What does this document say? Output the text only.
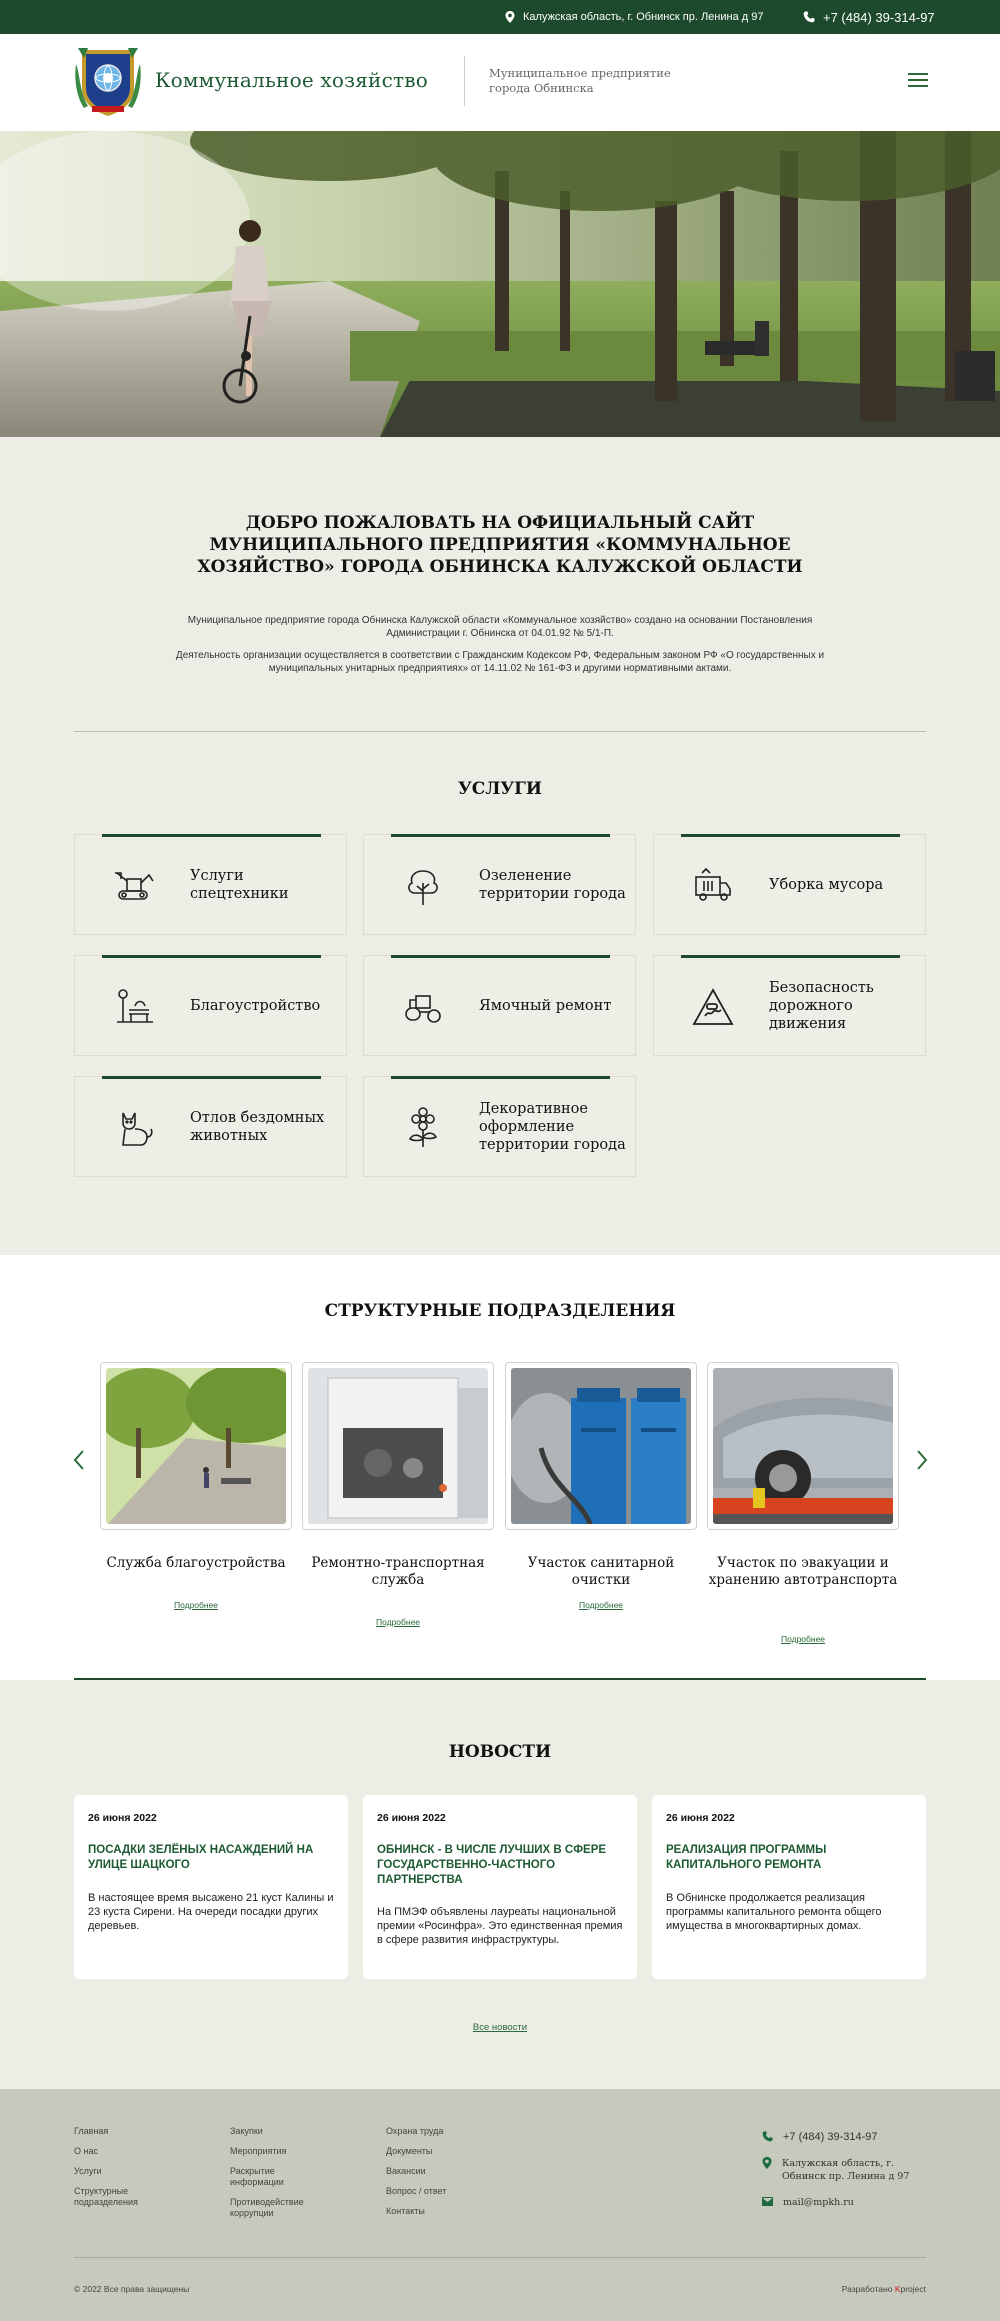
Калужская область, г. Обнинск пр. Ленина д 97	+7 (484) 39-314-97
Коммунальное хозяйство	Муниципальное предприятие города Обнинска
ДОБРО ПОЖАЛОВАТЬ НА ОФИЦИАЛЬНЫЙ САЙТ МУНИЦИПАЛЬНОГО ПРЕДПРИЯТИЯ «КОММУНАЛЬНОЕ ХОЗЯЙСТВО» ГОРОДА ОБНИНСКА КАЛУЖСКОЙ ОБЛАСТИ
Муниципальное предприятие города Обнинска Калужской области «Коммунальное хозяйство» создано на основании Постановления Администрации г. Обнинска от 04.01.92 № 5/1-П.
Деятельность организации осуществляется в соответствии с Гражданским Кодексом РФ, Федеральным законом РФ «О государственных и муниципальных унитарных предприятиях» от 14.11.02 № 161-ФЗ и другими нормативными актами.
УСЛУГИ
Услуги спецтехники
Озеленение территории города
Уборка мусора
Благоустройство	Ямочный ремонт
Безопасность дорожного движения
Отлов бездомных животных
Декоративное оформление территории города
СТРУКТУРНЫЕ ПОДРАЗДЕЛЕНИЯ
Служба благоустройства
Подробнее
Ремонтно-транспортная служба
Подробнее
Участок санитарной очистки
Подробнее
Участок по эвакуации и хранению автотранспорта
Подробнее
НОВОСТИ
26 июня 2022
ПОСАДКИ ЗЕЛЁНЫХ НАСАЖДЕНИЙ НА УЛИЦЕ ШАЦКОГО
В настоящее время высажено 21 куст Калины и 23 куста Сирени. На очереди посадки других деревьев.
26 июня 2022
ОБНИНСК - В ЧИСЛЕ ЛУЧШИХ В СФЕРЕ ГОСУДАРСТВЕННО-ЧАСТНОГО ПАРТНЕРСТВА
На ПМЭФ объявлены лауреаты национальной премии «Росинфра». Это единственная премия в сфере развития инфраструктуры.
26 июня 2022
РЕАЛИЗАЦИЯ ПРОГРАММЫ КАПИТАЛЬНОГО РЕМОНТА
В Обнинске продолжается реализация программы капитального ремонта общего имущества в многоквартирных домах.
Все новости
Главная
О нас
Услуги
Структурные подразделения
Закупки
Мероприятия
Раскрытие информации
Противодействие коррупции
Охрана труда
Документы
Вакансии
Вопрос / ответ
Контакты
+7 (484) 39-314-97
Калужская область, г. Обнинск пр. Ленина д 97
mail@mpkh.ru
© 2022 Все права защищены	Разработано Kproject
